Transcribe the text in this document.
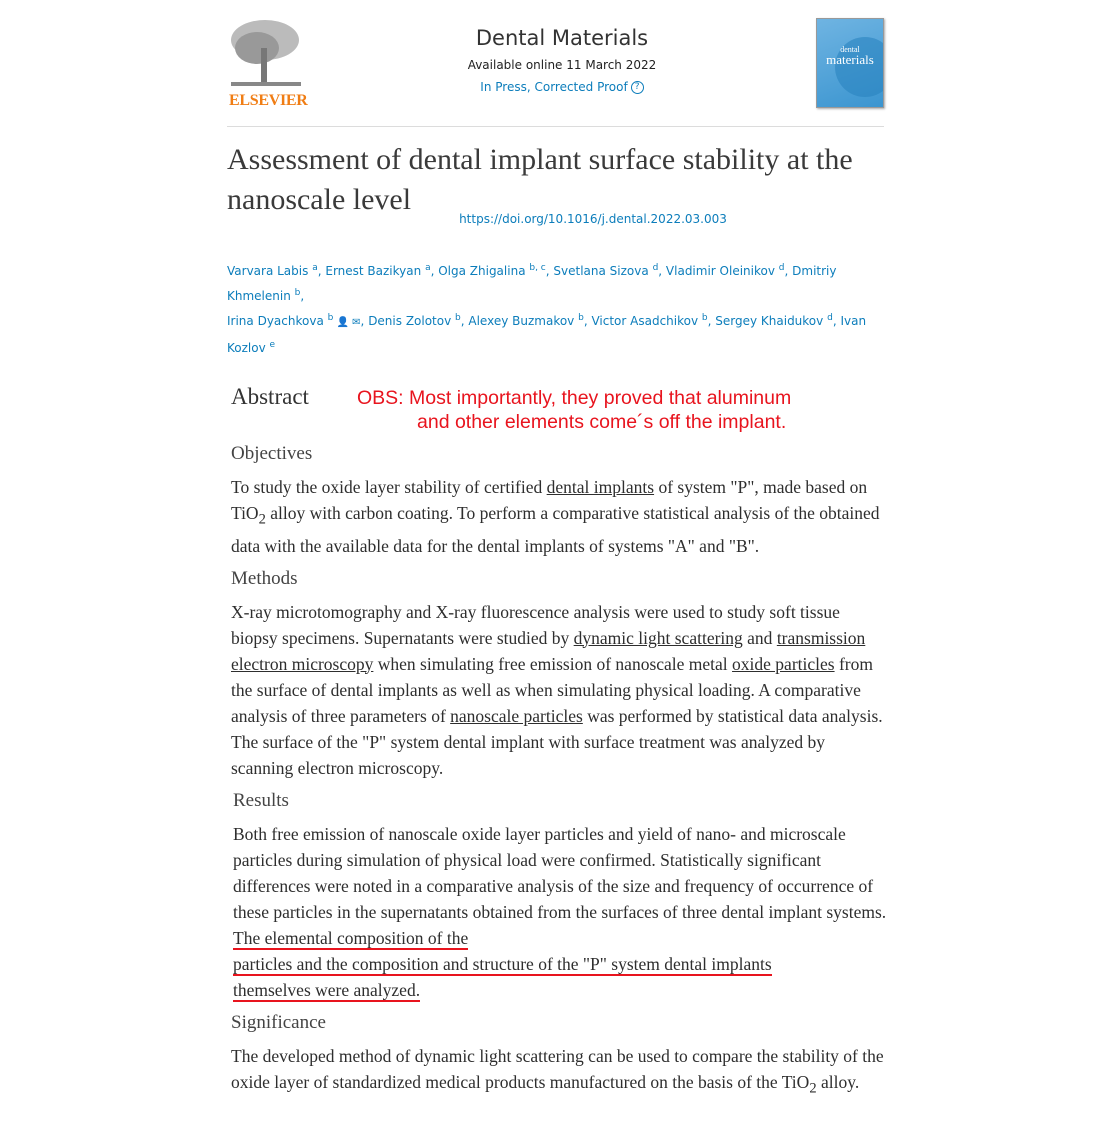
ELSEVIER
Dental Materials
Available online 11 March 2022
In Press, Corrected Proof ?
dental
materials
Assessment of dental implant surface stability at the nanoscale level$_{https://doi.org/10.1016/j.dental.2022.03.003}$
Varvara Labis $^a$, Ernest Bazikyan $^a$, Olga Zhigalina $^{b, c}$, Svetlana Sizova $^d$, Vladimir Oleinikov $^d$, Dmitriy Khmelenin $^b$,
Irina Dyachkova $^b$ 👤 ✉, Denis Zolotov $^b$, Alexey Buzmakov $^b$, Victor Asadchikov $^b$, Sergey Khaidukov $^d$, Ivan Kozlov $^e$
Abstract	OBS: Most importantly, they proved that aluminum
and other elements come´s off the implant.
Objectives
To study the oxide layer stability of certified dental implants of system "P", made based on TiO$_2$ alloy with carbon coating. To perform a comparative statistical analysis of the obtained data with the available data for the dental implants of systems "A" and "B".
Methods
X-ray microtomography and X-ray fluorescence analysis were used to study soft tissue biopsy specimens. Supernatants were studied by dynamic light scattering and transmission electron microscopy when simulating free emission of nanoscale metal oxide particles from the surface of dental implants as well as when simulating physical loading. A comparative analysis of three parameters of nanoscale particles was performed by statistical data analysis. The surface of the "P" system dental implant with surface treatment was analyzed by scanning electron microscopy.
Results
Both free emission of nanoscale oxide layer particles and yield of nano- and microscale particles during simulation of physical load were confirmed. Statistically significant differences were noted in a comparative analysis of the size and frequency of occurrence of these particles in the supernatants obtained from the surfaces of three dental implant systems. The elemental composition of the
particles and the composition and structure of the "P" system dental implants
themselves were analyzed.
Significance
The developed method of dynamic light scattering can be used to compare the stability of the oxide layer of standardized medical products manufactured on the basis of the TiO$_2$ alloy.
